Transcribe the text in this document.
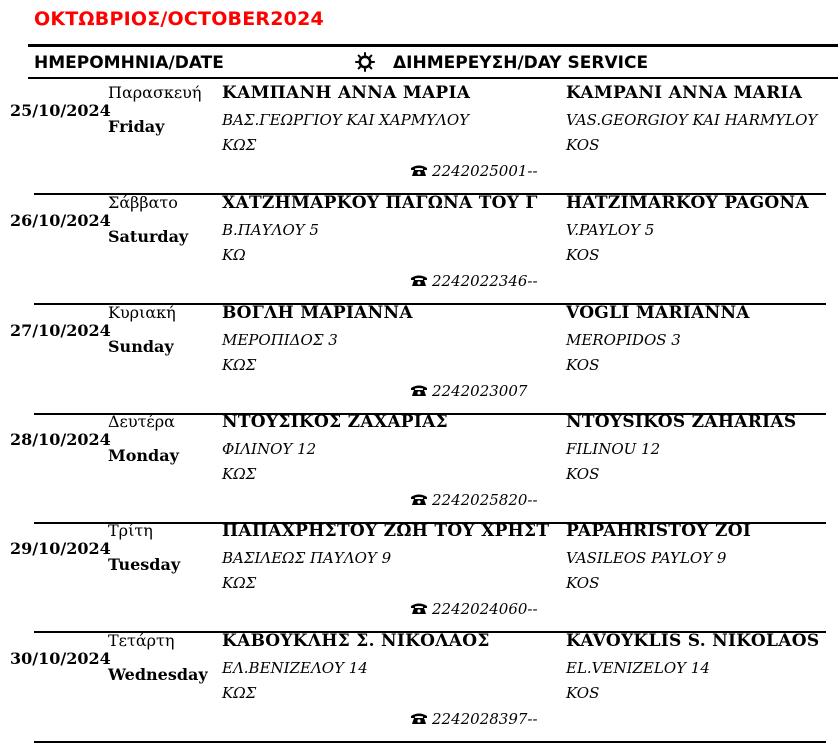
ΟΚΤΩΒΡΙΟΣ/OCTOBER2024
ΗΜΕΡΟΜΗΝΙΑ/DATE	ΔΙΗΜΕΡΕΥΣΗ/DAY SERVICE
25/10/2024
Παρασκευή
Friday
ΚΑΜΠΑΝΗ ΑΝΝΑ ΜΑΡΙΑ
ΒΑΣ.ΓΕΩΡΓΙΟΥ ΚΑΙ ΧΑΡΜΥΛΟΥ
ΚΩΣ
KAMPANI ANNA MARIA
VAS.GEORGIOY KAI HARMYLOY
KOS
2242025001--
26/10/2024
Σάββατο
Saturday
ΧΑΤΖΗΜΑΡΚΟΥ ΠΑΓΩΝΑ ΤΟΥ Γ
Β.ΠΑΥΛΟΥ 5
ΚΩ
HATZIMARKOY PAGONA
V.PAYLOY 5
KOS
2242022346--
27/10/2024
Κυριακή
Sunday
ΒΟΓΛΗ ΜΑΡΙΑΝΝΑ
ΜΕΡΟΠΙΔΟΣ 3
ΚΩΣ
VOGLI MARIANNA
MEROPIDOS 3
KOS
2242023007
28/10/2024
Δευτέρα
Monday
ΝΤΟΥΣΙΚΟΣ ΖΑΧΑΡΙΑΣ
ΦΙΛΙΝΟΥ 12
ΚΩΣ
NTOYSIKOS ZAHARIAS
FILINOU 12
KOS
2242025820--
29/10/2024
Τρίτη
Tuesday
ΠΑΠΑΧΡΗΣΤΟΥ ΖΩΗ ΤΟΥ ΧΡΗΣΤ
ΒΑΣΙΛΕΩΣ ΠΑΥΛΟΥ 9
ΚΩΣ
PAPAHRISTOY ZOI
VASILEOS PAYLOY 9
KOS
2242024060--
30/10/2024
Τετάρτη
Wednesday
ΚΑΒΟΥΚΛΗΣ Σ. ΝΙΚΟΛΑΟΣ
ΕΛ.ΒΕΝΙΖΕΛΟΥ 14
ΚΩΣ
KAVOYKLIS S. NIKOLAOS
EL.VENIZELOY 14
KOS
2242028397--
